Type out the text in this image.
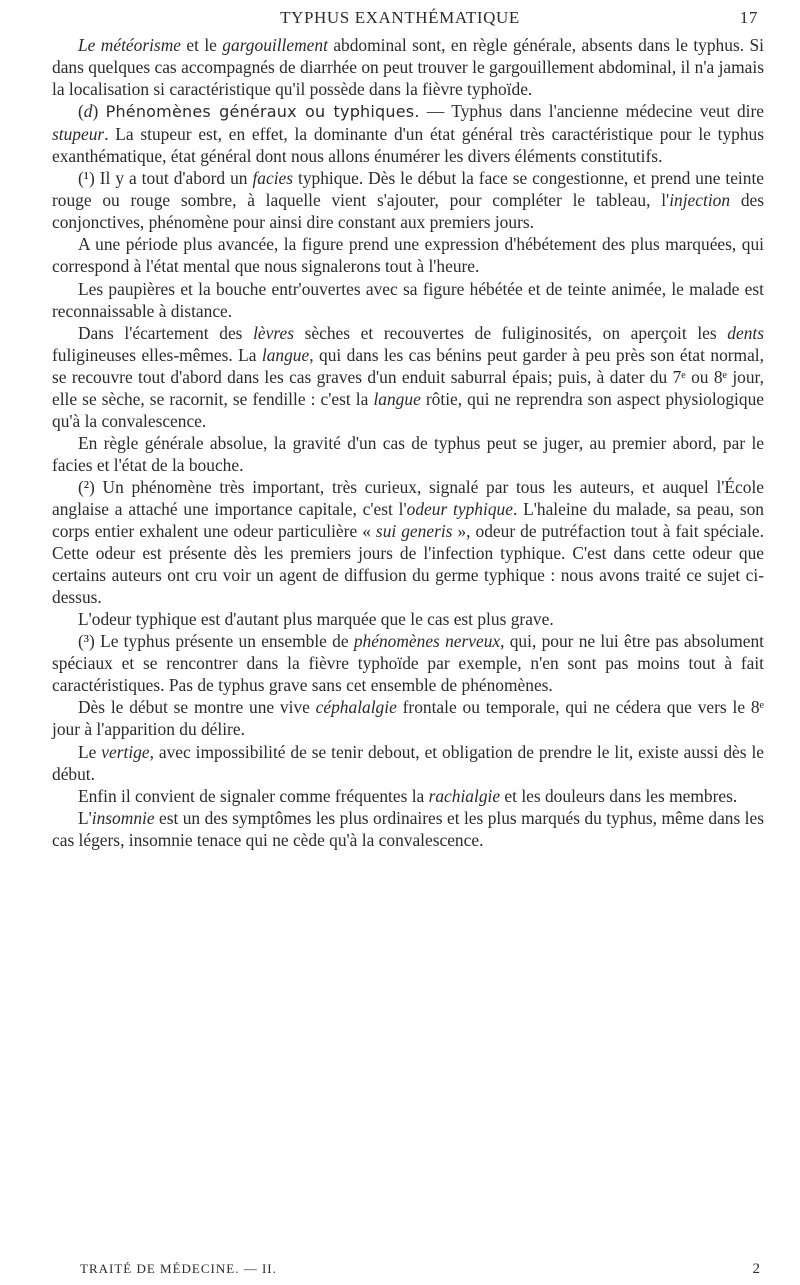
TYPHUS EXANTHÉMATIQUE	17

Le météorisme et le gargouillement abdominal sont, en règle générale, absents dans le typhus. Si dans quelques cas accompagnés de diarrhée on peut trouver le gargouillement abdominal, il n'a jamais la localisation si caractéristique qu'il possède dans la fièvre typhoïde.

(d) Phénomènes généraux ou typhiques. — Typhus dans l'ancienne médecine veut dire stupeur. La stupeur est, en effet, la dominante d'un état général très caractéristique pour le typhus exanthématique, état général dont nous allons énumérer les divers éléments constitutifs.

(¹) Il y a tout d'abord un facies typhique. Dès le début la face se congestionne, et prend une teinte rouge ou rouge sombre, à laquelle vient s'ajouter, pour compléter le tableau, l'injection des conjonctives, phénomène pour ainsi dire constant aux premiers jours.

A une période plus avancée, la figure prend une expression d'hébétement des plus marquées, qui correspond à l'état mental que nous signalerons tout à l'heure.

Les paupières et la bouche entr'ouvertes avec sa figure hébétée et de teinte animée, le malade est reconnaissable à distance.

Dans l'écartement des lèvres sèches et recouvertes de fuliginosités, on aperçoit les dents fuligineuses elles-mêmes. La langue, qui dans les cas bénins peut garder à peu près son état normal, se recouvre tout d'abord dans les cas graves d'un enduit saburral épais; puis, à dater du 7ᵉ ou 8ᵉ jour, elle se sèche, se racornit, se fendille : c'est la langue rôtie, qui ne reprendra son aspect physiologique qu'à la convalescence.

En règle générale absolue, la gravité d'un cas de typhus peut se juger, au premier abord, par le facies et l'état de la bouche.

(²) Un phénomène très important, très curieux, signalé par tous les auteurs, et auquel l'École anglaise a attaché une importance capitale, c'est l'odeur typhique. L'haleine du malade, sa peau, son corps entier exhalent une odeur particulière « sui generis », odeur de putréfaction tout à fait spéciale. Cette odeur est présente dès les premiers jours de l'infection typhique. C'est dans cette odeur que certains auteurs ont cru voir un agent de diffusion du germe typhique : nous avons traité ce sujet ci-dessus.

L'odeur typhique est d'autant plus marquée que le cas est plus grave.

(³) Le typhus présente un ensemble de phénomènes nerveux, qui, pour ne lui être pas absolument spéciaux et se rencontrer dans la fièvre typhoïde par exemple, n'en sont pas moins tout à fait caractéristiques. Pas de typhus grave sans cet ensemble de phénomènes.

Dès le début se montre une vive céphalalgie frontale ou temporale, qui ne cédera que vers le 8ᵉ jour à l'apparition du délire.

Le vertige, avec impossibilité de se tenir debout, et obligation de prendre le lit, existe aussi dès le début.

Enfin il convient de signaler comme fréquentes la rachialgie et les douleurs dans les membres.

L'insomnie est un des symptômes les plus ordinaires et les plus marqués du typhus, même dans les cas légers, insomnie tenace qui ne cède qu'à la convalescence.

TRAITÉ DE MÉDECINE. — II.	2
